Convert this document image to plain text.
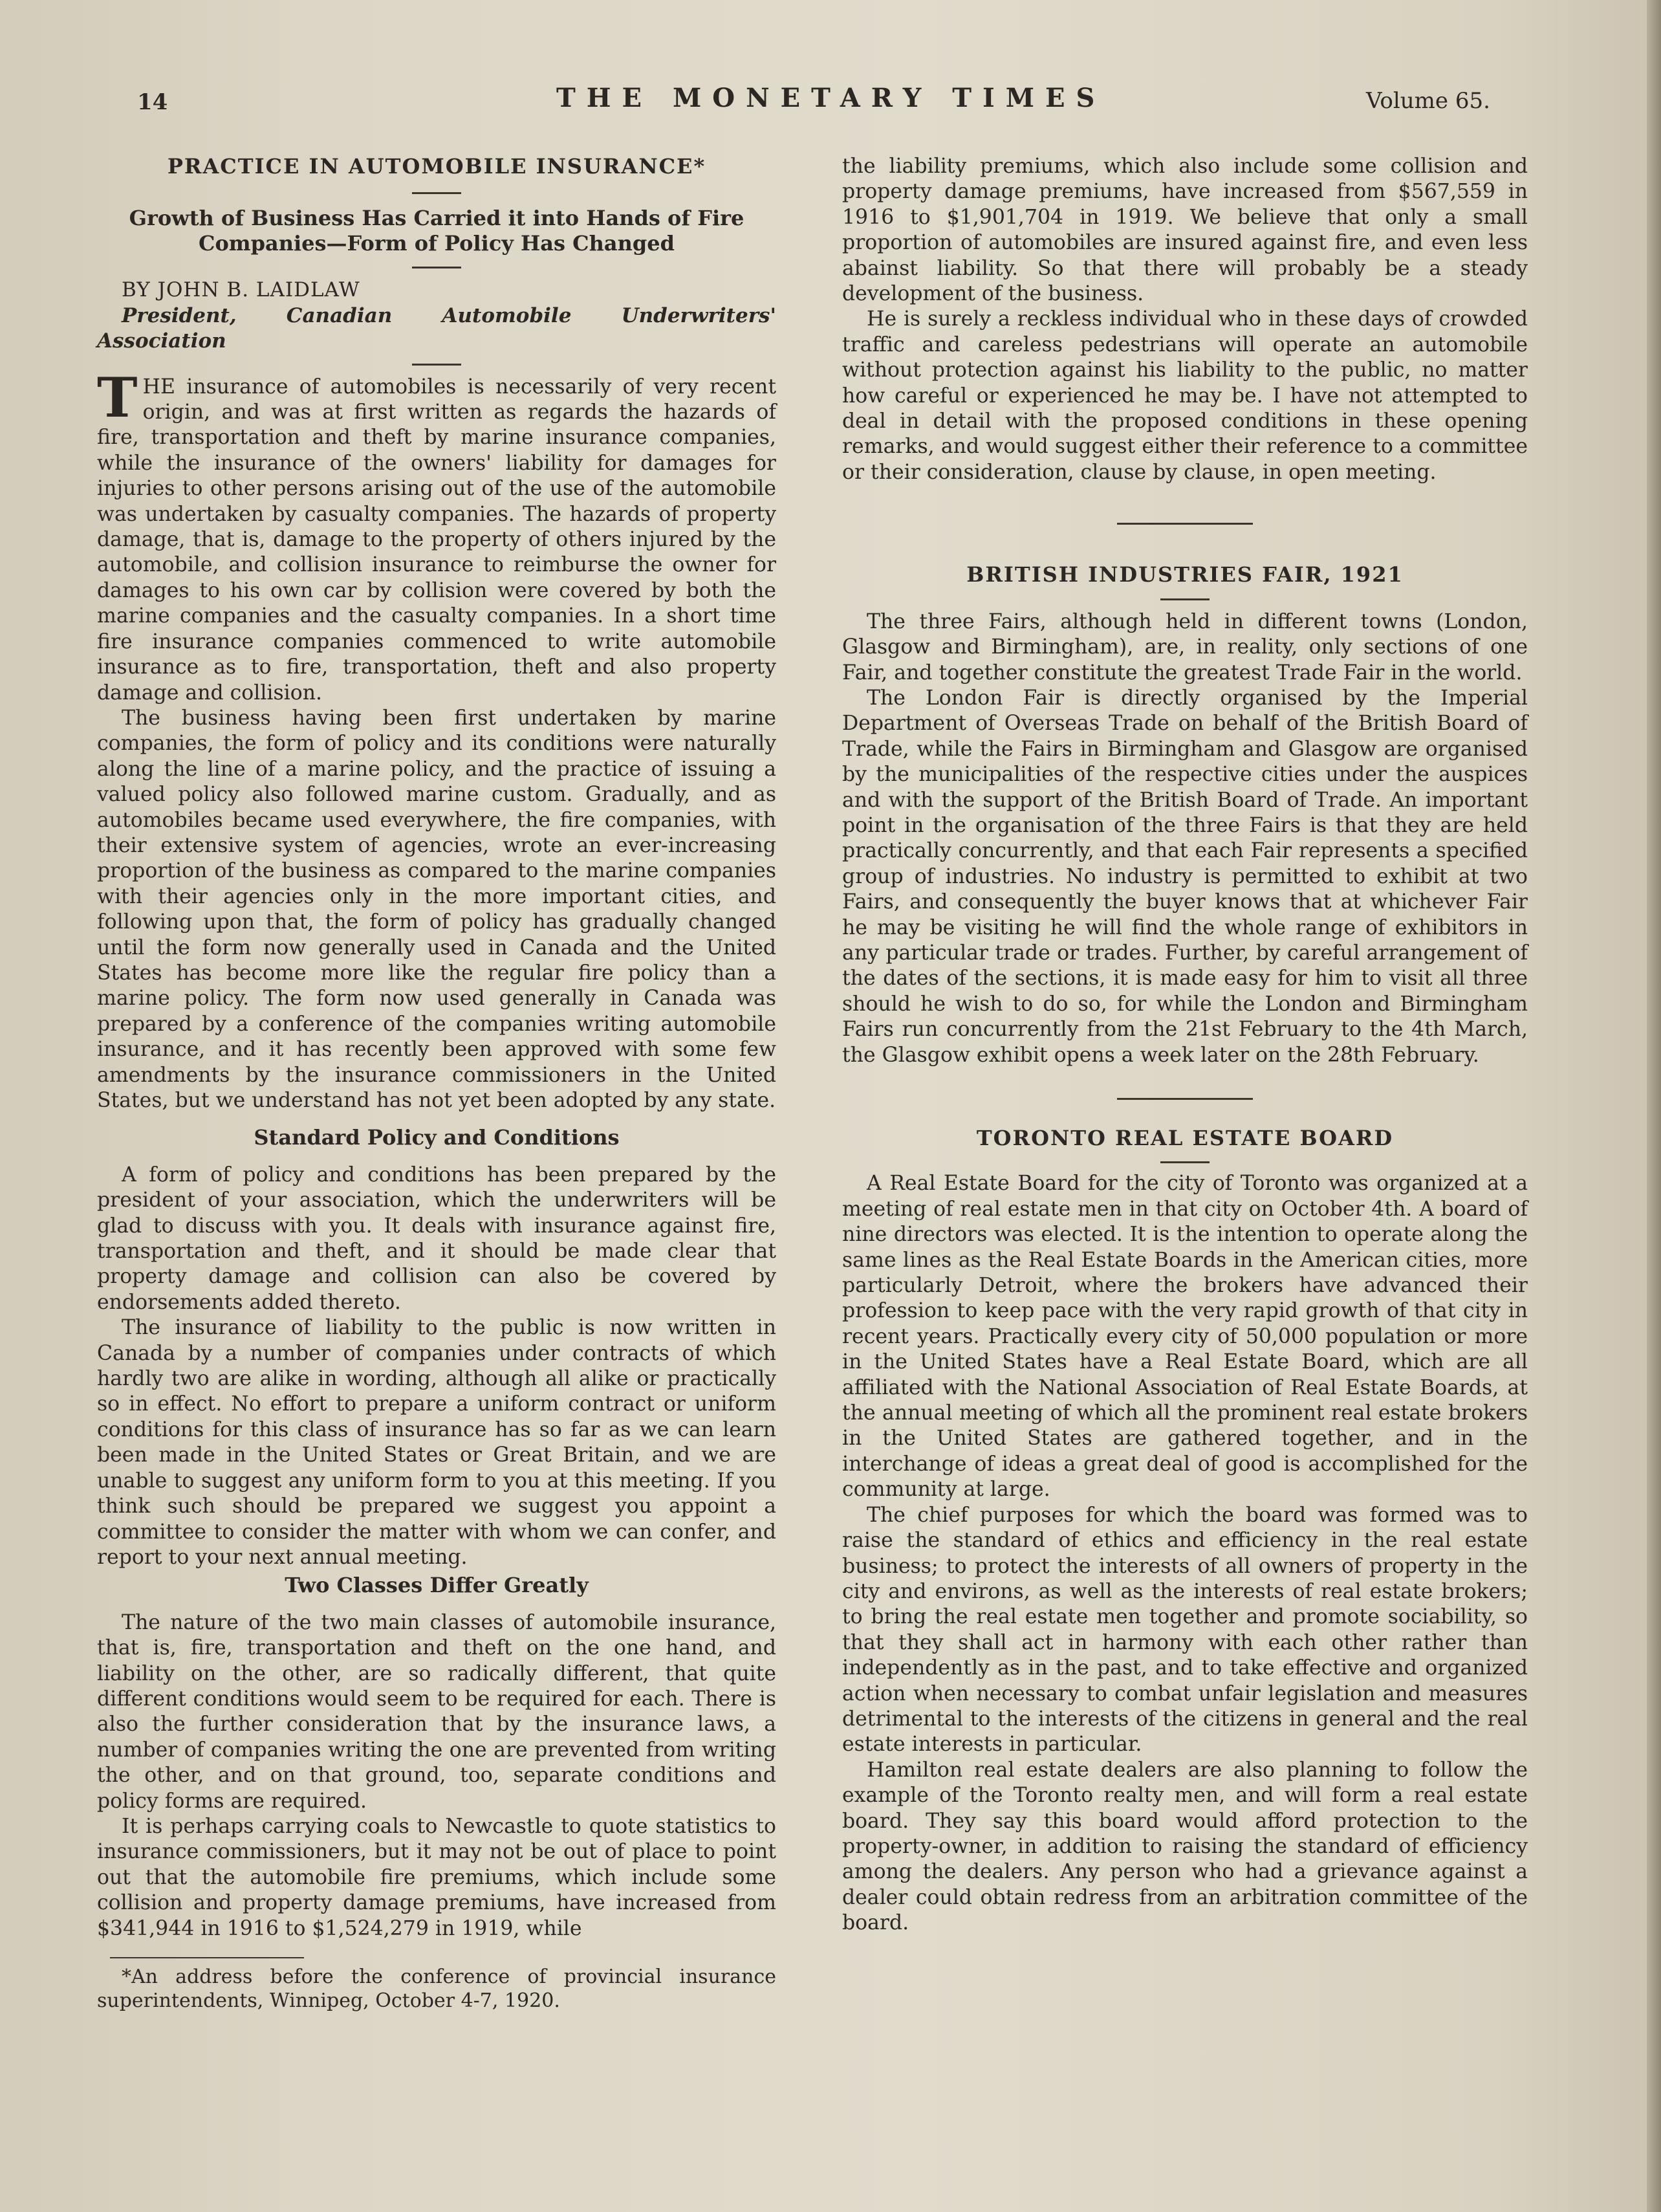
14	THE MONETARY TIMES	Volume 65.
PRACTICE IN AUTOMOBILE INSURANCE*
Growth of Business Has Carried it into Hands of Fire Companies—Form of Policy Has Changed

BY JOHN B. LAIDLAW

President, Canadian Automobile Underwriters' Association

THE insurance of automobiles is necessarily of very recent origin, and was at first written as regards the hazards of fire, transportation and theft by marine insurance companies, while the insurance of the owners' liability for damages for injuries to other persons arising out of the use of the automobile was undertaken by casualty companies. The hazards of property damage, that is, damage to the property of others injured by the automobile, and collision insurance to reimburse the owner for damages to his own car by collision were covered by both the marine companies and the casualty companies. In a short time fire insurance companies commenced to write automobile insurance as to fire, transportation, theft and also property damage and collision.

The business having been first undertaken by marine companies, the form of policy and its conditions were naturally along the line of a marine policy, and the practice of issuing a valued policy also followed marine custom. Gradually, and as automobiles became used everywhere, the fire companies, with their extensive system of agencies, wrote an ever-increasing proportion of the business as compared to the marine companies with their agencies only in the more important cities, and following upon that, the form of policy has gradually changed until the form now generally used in Canada and the United States has become more like the regular fire policy than a marine policy. The form now used generally in Canada was prepared by a conference of the companies writing automobile insurance, and it has recently been approved with some few amendments by the insurance commissioners in the United States, but we understand has not yet been adopted by any state.

Standard Policy and Conditions

A form of policy and conditions has been prepared by the president of your association, which the underwriters will be glad to discuss with you. It deals with insurance against fire, transportation and theft, and it should be made clear that property damage and collision can also be covered by endorsements added thereto.

The insurance of liability to the public is now written in Canada by a number of companies under contracts of which hardly two are alike in wording, although all alike or practically so in effect. No effort to prepare a uniform contract or uniform conditions for this class of insurance has so far as we can learn been made in the United States or Great Britain, and we are unable to suggest any uniform form to you at this meeting. If you think such should be prepared we suggest you appoint a committee to consider the matter with whom we can confer, and report to your next annual meeting.

Two Classes Differ Greatly

The nature of the two main classes of automobile insurance, that is, fire, transportation and theft on the one hand, and liability on the other, are so radically different, that quite different conditions would seem to be required for each. There is also the further consideration that by the insurance laws, a number of companies writing the one are prevented from writing the other, and on that ground, too, separate conditions and policy forms are required.

It is perhaps carrying coals to Newcastle to quote statistics to insurance commissioners, but it may not be out of place to point out that the automobile fire premiums, which include some collision and property damage premiums, have increased from $341,944 in 1916 to $1,524,279 in 1919, while

*An address before the conference of provincial insurance superintendents, Winnipeg, October 4-7, 1920.

the liability premiums, which also include some collision and property damage premiums, have increased from $567,559 in 1916 to $1,901,704 in 1919. We believe that only a small proportion of automobiles are insured against fire, and even less abainst liability. So that there will probably be a steady development of the business.

He is surely a reckless individual who in these days of crowded traffic and careless pedestrians will operate an automobile without protection against his liability to the public, no matter how careful or experienced he may be. I have not attempted to deal in detail with the proposed conditions in these opening remarks, and would suggest either their reference to a committee or their consideration, clause by clause, in open meeting.

BRITISH INDUSTRIES FAIR, 1921

The three Fairs, although held in different towns (London, Glasgow and Birmingham), are, in reality, only sections of one Fair, and together constitute the greatest Trade Fair in the world.

The London Fair is directly organised by the Imperial Department of Overseas Trade on behalf of the British Board of Trade, while the Fairs in Birmingham and Glasgow are organised by the municipalities of the respective cities under the auspices and with the support of the British Board of Trade. An important point in the organisation of the three Fairs is that they are held practically concurrently, and that each Fair represents a specified group of industries. No industry is permitted to exhibit at two Fairs, and consequently the buyer knows that at whichever Fair he may be visiting he will find the whole range of exhibitors in any particular trade or trades. Further, by careful arrangement of the dates of the sections, it is made easy for him to visit all three should he wish to do so, for while the London and Birmingham Fairs run concurrently from the 21st February to the 4th March, the Glasgow exhibit opens a week later on the 28th February.

TORONTO REAL ESTATE BOARD

A Real Estate Board for the city of Toronto was organized at a meeting of real estate men in that city on October 4th. A board of nine directors was elected. It is the intention to operate along the same lines as the Real Estate Boards in the American cities, more particularly Detroit, where the brokers have advanced their profession to keep pace with the very rapid growth of that city in recent years. Practically every city of 50,000 population or more in the United States have a Real Estate Board, which are all affiliated with the National Association of Real Estate Boards, at the annual meeting of which all the prominent real estate brokers in the United States are gathered together, and in the interchange of ideas a great deal of good is accomplished for the community at large.

The chief purposes for which the board was formed was to raise the standard of ethics and efficiency in the real estate business; to protect the interests of all owners of property in the city and environs, as well as the interests of real estate brokers; to bring the real estate men together and promote sociability, so that they shall act in harmony with each other rather than independently as in the past, and to take effective and organized action when necessary to combat unfair legislation and measures detrimental to the interests of the citizens in general and the real estate interests in particular.

Hamilton real estate dealers are also planning to follow the example of the Toronto realty men, and will form a real estate board. They say this board would afford protection to the property-owner, in addition to raising the standard of efficiency among the dealers. Any person who had a grievance against a dealer could obtain redress from an arbitration committee of the board.
